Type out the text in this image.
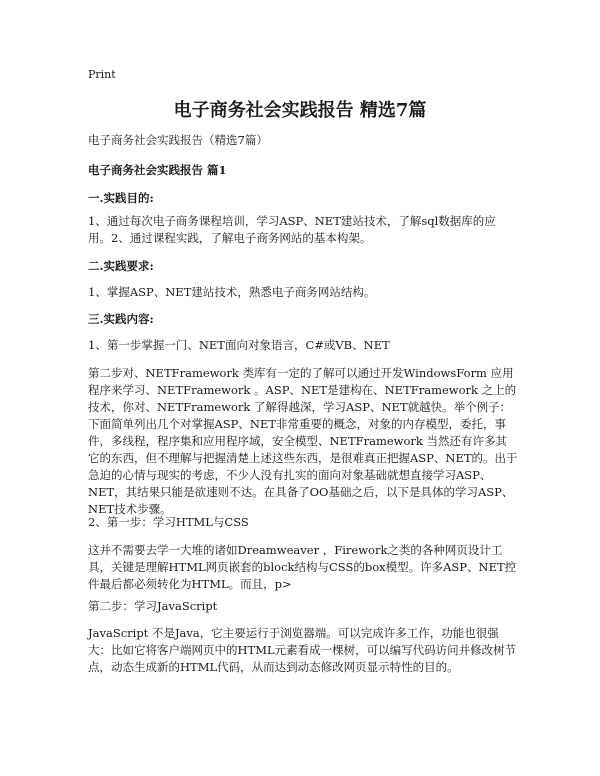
Print
电子商务社会实践报告 精选7篇

电子商务社会实践报告（精选7篇）

电子商务社会实践报告 篇1

一.实践目的:

1、通过每次电子商务课程培训，学习ASP、NET建站技术，了解sql数据库的应用。2、通过课程实践，了解电子商务网站的基本构架。

二.实践要求:

1、掌握ASP、NET建站技术，熟悉电子商务网站结构。

三.实践内容:

1、第一步掌握一门、NET面向对象语言，C#或VB、NET

第二步对、NETFramework 类库有一定的了解可以通过开发WindowsForm 应用程序来学习、NETFramework 。ASP、NET是建构在、NETFramework 之上的技术，你对、NETFramework 了解得越深，学习ASP、NET就越快。举个例子：下面简单列出几个对掌握ASP、NET非常重要的概念，对象的内存模型，委托，事件，多线程，程序集和应用程序域，安全模型、NETFramework 当然还有许多其它的东西，但不理解与把握清楚上述这些东西，是很难真正把握ASP、NET的。出于急迫的心情与现实的考虑，不少人没有扎实的面向对象基础就想直接学习ASP、NET，其结果只能是欲速则不达。在具备了OO基础之后，以下是具体的学习ASP、NET技术步骤。

2、第一步：学习HTML与CSS

这并不需要去学一大堆的诸如Dreamweaver ，Firework之类的各种网页设计工具，关键是理解HTML网页嵌套的block结构与CSS的box模型。许多ASP、NET控件最后都必须转化为HTML。而且，p>

第二步：学习JavaScript

JavaScript 不是Java，它主要运行于浏览器端。可以完成许多工作，功能也很强大：比如它将客户端网页中的HTML元素看成一棵树，可以编写代码访问并修改树节点，动态生成新的HTML代码，从而达到动态修改网页显示特性的目的。
